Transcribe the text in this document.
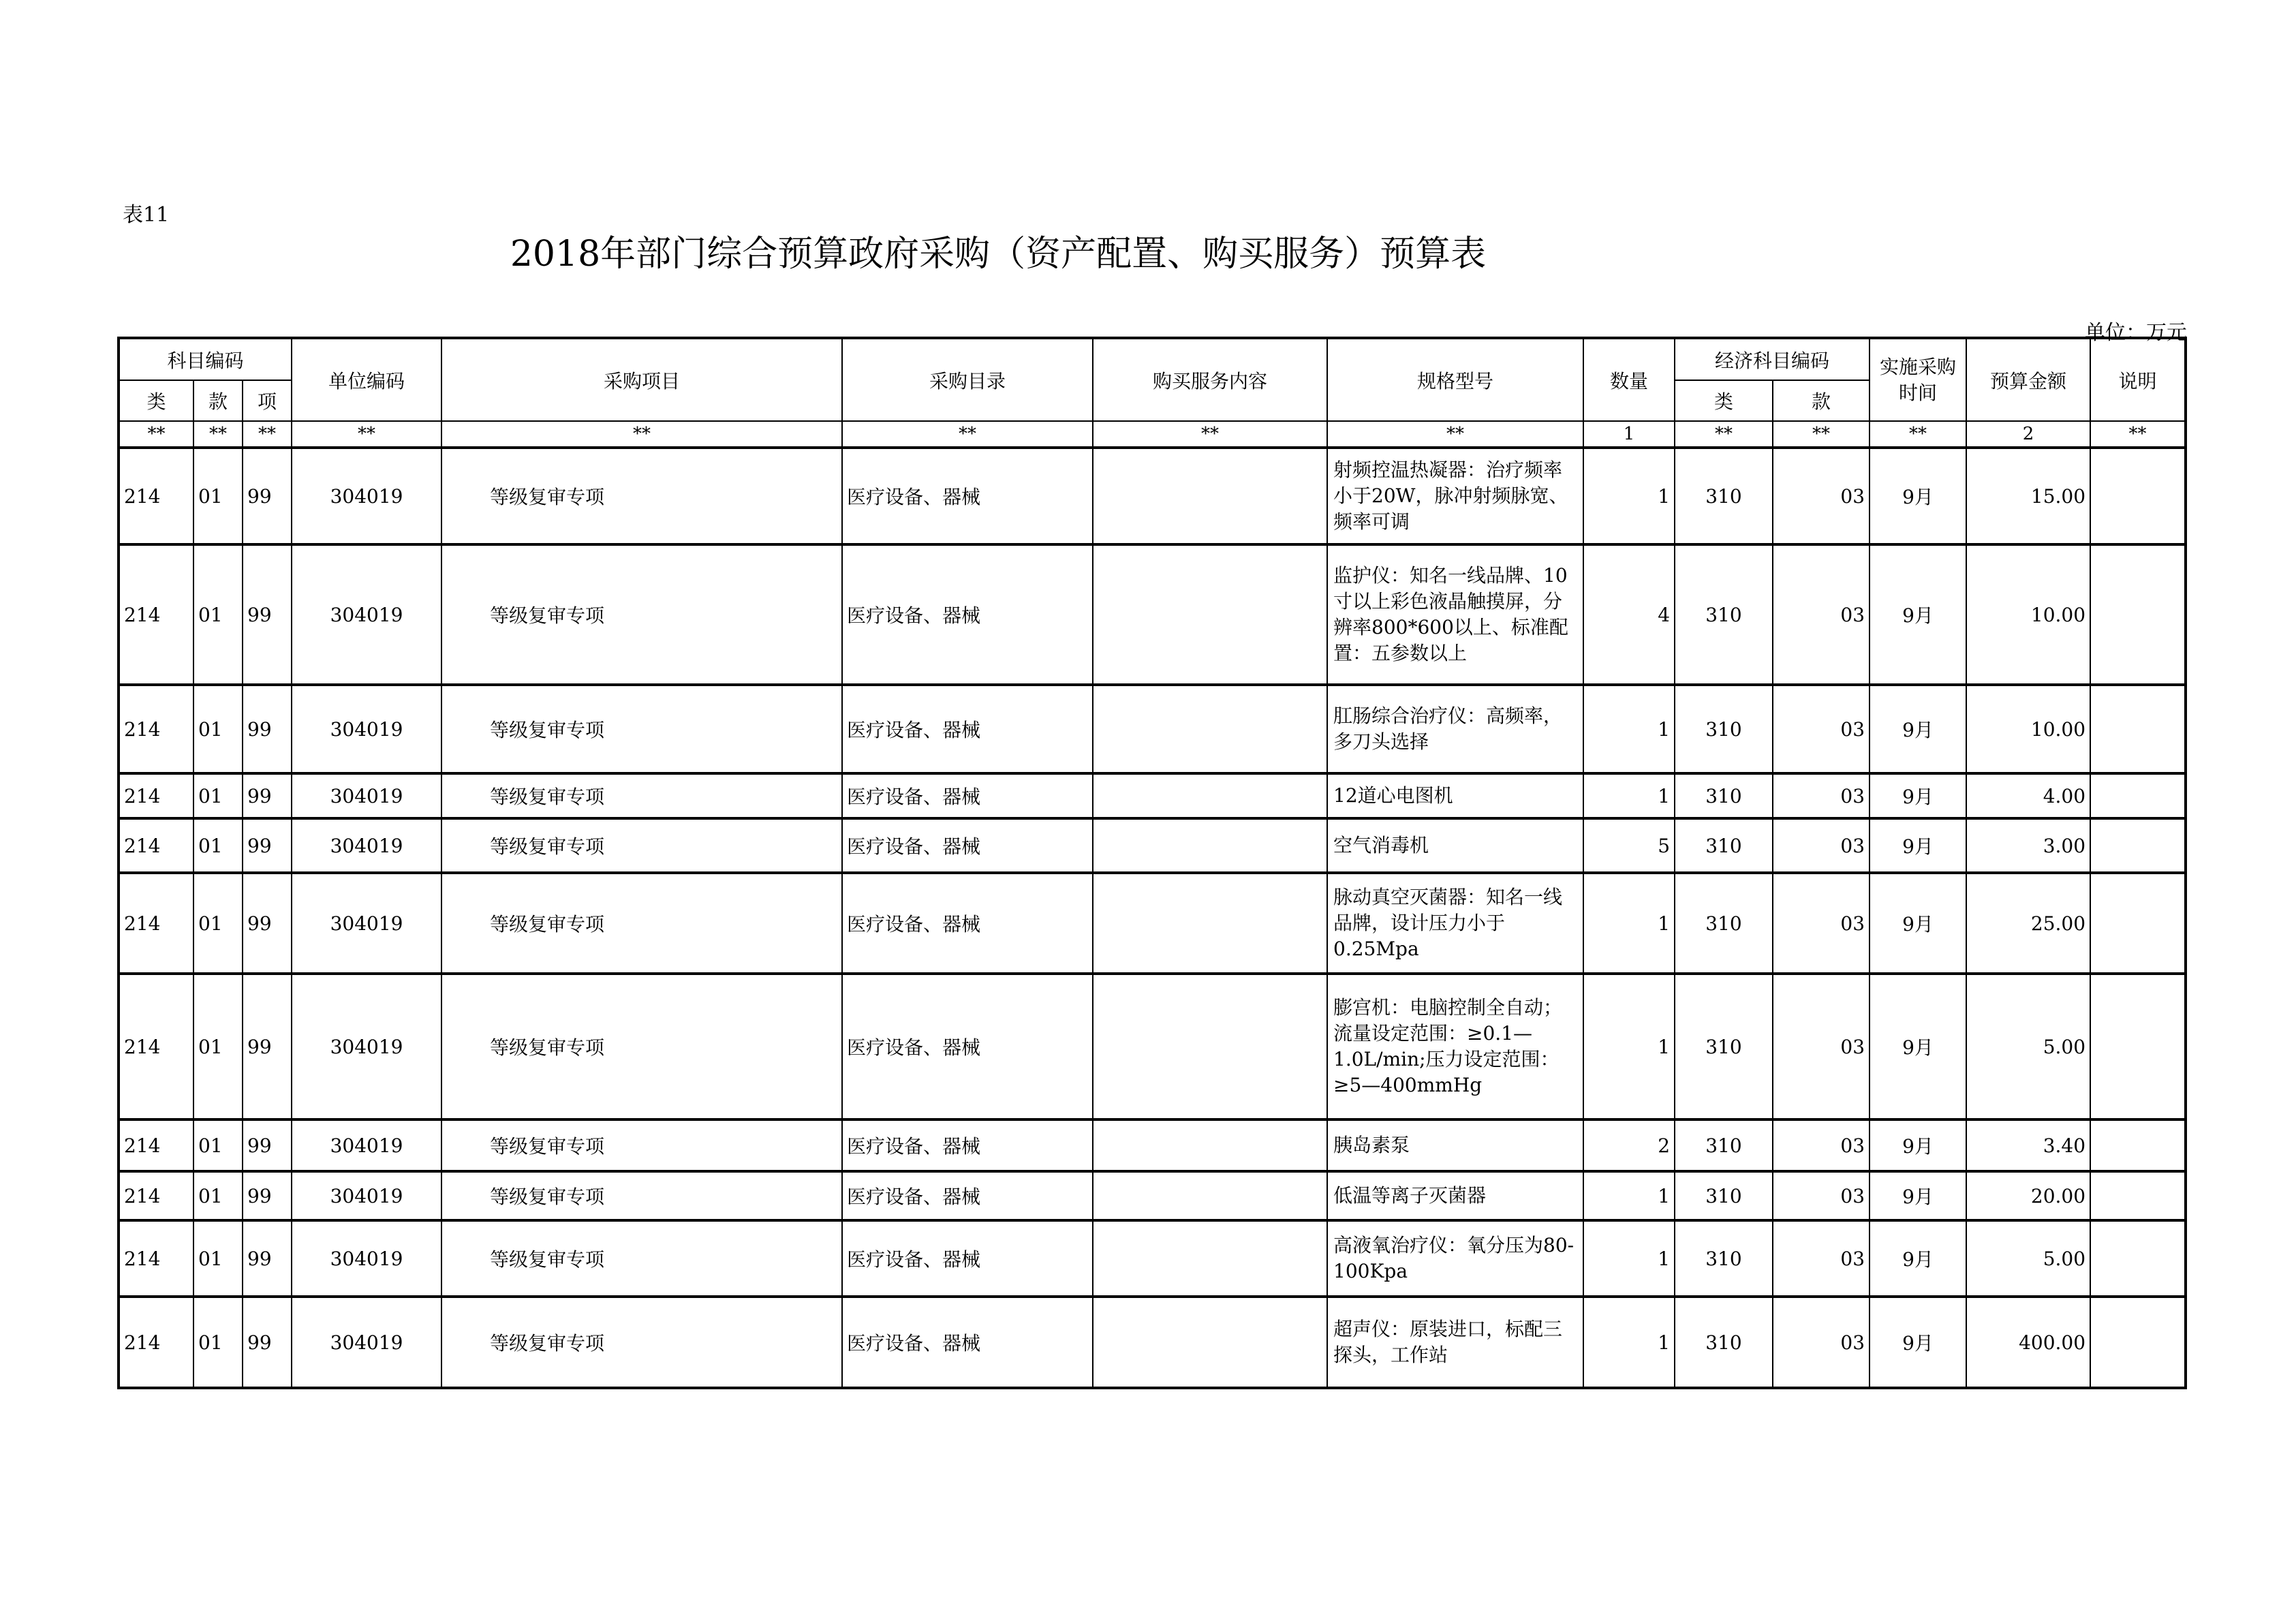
表11
2018年部门综合预算政府采购（资产配置、购买服务）预算表
单位：万元
科目编码			单位编码	采购项目	采购目录	购买服务内容	规格型号	数量	经济科目编码		实施采购时间	预算金额	说明
类	款	项							类	款			
**	**	**	**	**	**	**	**	1	**	**	**	2	**
214	01	99	304019	等级复审专项	医疗设备、器械		射频控温热凝器：治疗频率小于20W，脉冲射频脉宽、频率可调	1	310	03	9月	15.00	
214	01	99	304019	等级复审专项	医疗设备、器械		监护仪：知名一线品牌、10寸以上彩色液晶触摸屏，分辨率800*600以上、标准配置：五参数以上	4	310	03	9月	10.00	
214	01	99	304019	等级复审专项	医疗设备、器械		肛肠综合治疗仪：高频率，多刀头选择	1	310	03	9月	10.00	
214	01	99	304019	等级复审专项	医疗设备、器械		12道心电图机	1	310	03	9月	4.00	
214	01	99	304019	等级复审专项	医疗设备、器械		空气消毒机	5	310	03	9月	3.00	
214	01	99	304019	等级复审专项	医疗设备、器械		脉动真空灭菌器：知名一线品牌，设计压力小于0.25Mpa	1	310	03	9月	25.00	
214	01	99	304019	等级复审专项	医疗设备、器械		膨宫机：电脑控制全自动；流量设定范围：≥0.1—1.0L/min;压力设定范围：≥5—400mmHg	1	310	03	9月	5.00	
214	01	99	304019	等级复审专项	医疗设备、器械		胰岛素泵	2	310	03	9月	3.40	
214	01	99	304019	等级复审专项	医疗设备、器械		低温等离子灭菌器	1	310	03	9月	20.00	
214	01	99	304019	等级复审专项	医疗设备、器械		高液氧治疗仪：氧分压为80-100Kpa	1	310	03	9月	5.00	
214	01	99	304019	等级复审专项	医疗设备、器械		超声仪：原装进口，标配三探头，工作站	1	310	03	9月	400.00	
